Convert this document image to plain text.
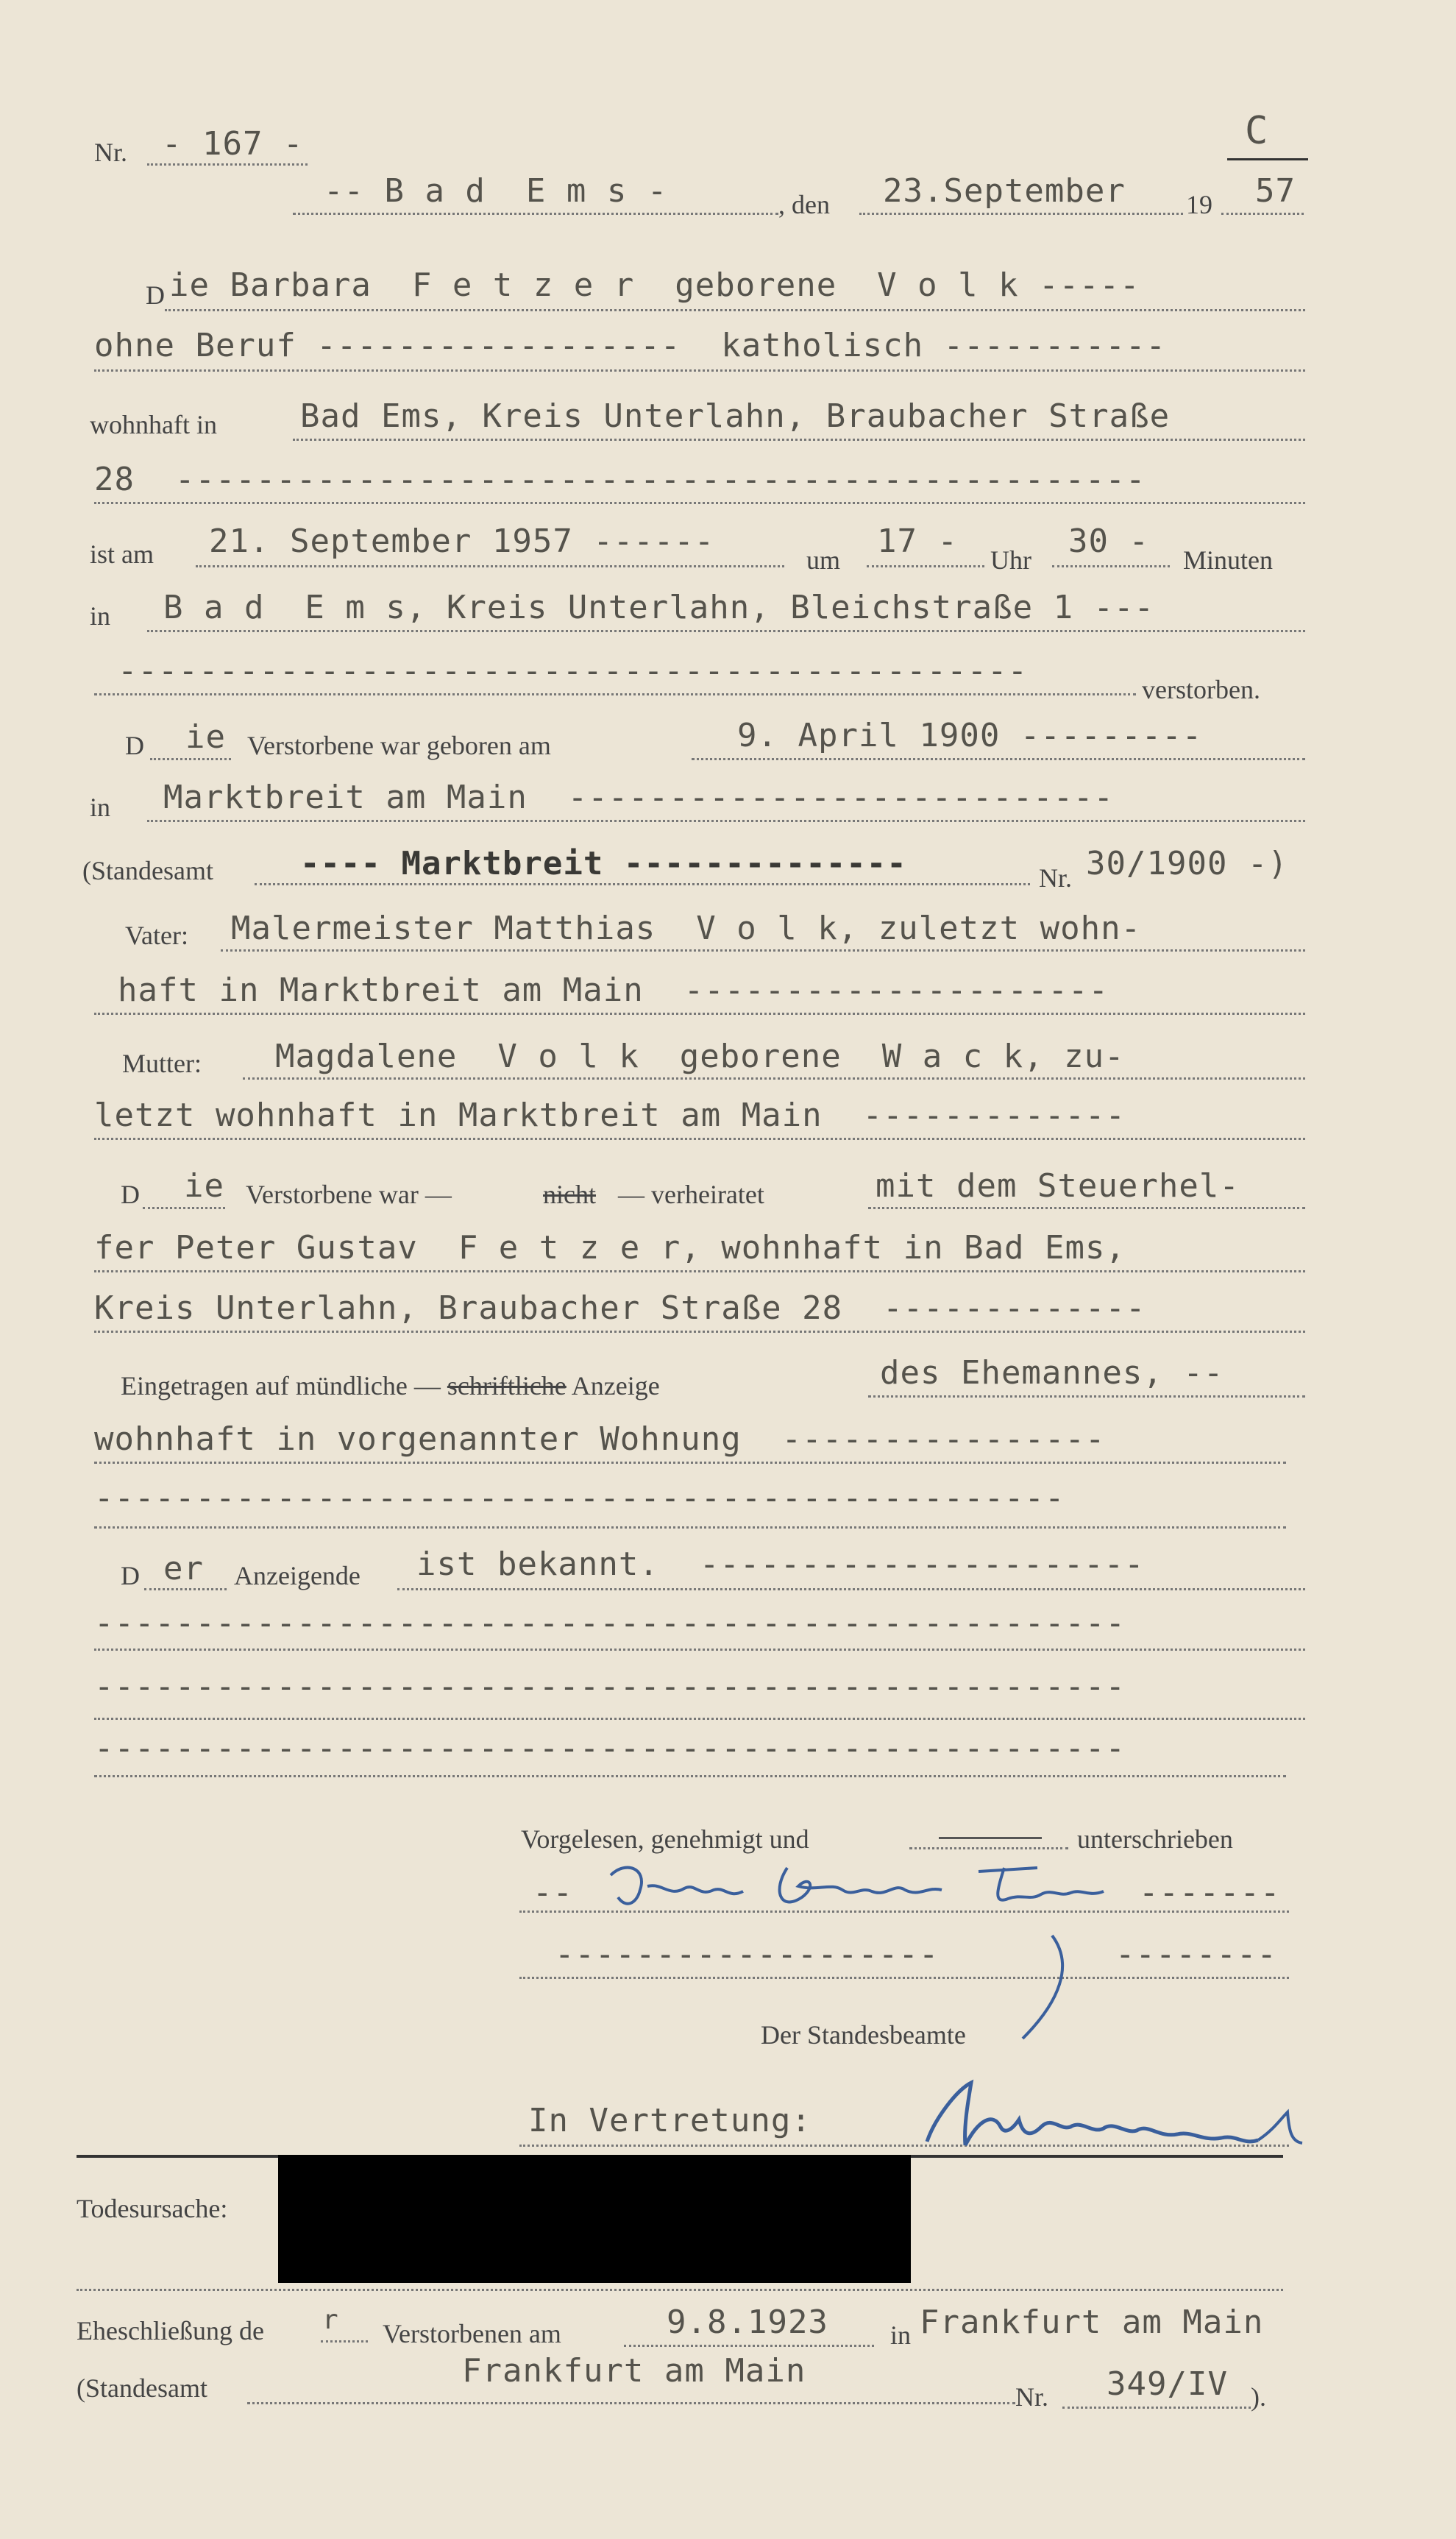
Nr. - 167 -	C
-- B a d  E m s -	, den 23.September 19 57
D ie Barbara  F e t z e r  geborene  V o l k -----
ohne Beruf ------------------  katholisch -----------
wohnhaft in	Bad Ems, Kreis Unterlahn, Braubacher Straße
28  ------------------------------------------------
ist am 21. September 1957 ------	um 17 - Uhr 30 - Minuten
in B a d  E m s, Kreis Unterlahn, Bleichstraße 1 ---
---------------------------------------------	verstorben.
D ie Verstorbene war geboren am	9. April 1900 ---------
in Marktbreit am Main  ---------------------------
(Standesamt	---- Marktbreit --------------	Nr. 30/1900 -)
Vater: Malermeister Matthias  V o l k, zuletzt wohn-
haft in Marktbreit am Main  ---------------------
Mutter: Magdalene  V o l k  geborene  W a c k, zu-
letzt wohnhaft in Marktbreit am Main  -------------
D ie Verstorbene war —	nicht — verheiratet	mit dem Steuerhel-
fer Peter Gustav  F e t z e r, wohnhaft in Bad Ems,
Kreis Unterlahn, Braubacher Straße 28  -------------
Eingetragen auf mündliche — schriftliche Anzeige	des Ehemannes, --
wohnhaft in vorgenannter Wohnung  ----------------
------------------------------------------------
D er Anzeigende ist bekannt.  ----------------------
---------------------------------------------------
---------------------------------------------------
---------------------------------------------------
Vorgelesen, genehmigt und	unterschrieben
--	-------
-------------------	--------
Der Standesbeamte
In Vertretung:
Todesursache:
Eheschließung de r Verstorbenen am	9.8.1923 in Frankfurt am Main
(Standesamt	Frankfurt am Main
Nr. 349/IV ).
